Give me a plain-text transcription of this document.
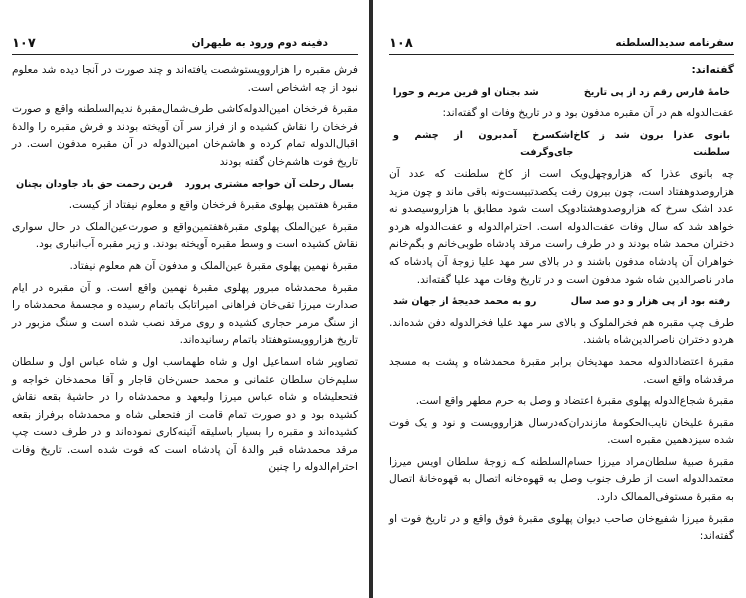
۱۰۷	دفینه دوم ورود به طیهران

فرش مقبره را هزاروویستوشصت یافته‌اند و چند صورت در آنجا دیده شد معلوم نبود از چه اشخاص است.

مقبرهٔ فرخخان امین‌الدوله‌کاشی طرف‌شمال‌مقبرهٔ ندیم‌السلطنه واقع و صورت فرخخان را نقاش کشیده و از فراز سر آن آویخته بودند و فرش مقبره را والدهٔ اقبال‌الدوله تمام کرده و هاشم‌خان امین‌الدوله در آن مقبره مدفون است. در تاریخ فوت هاشم‌خان گفته بودند

بسال رحلت آن خواجه مشتری پرورد
قرین رحمت حق باد جاودان بچنان

مقبرهٔ هفتمین پهلوی مقبرهٔ فرخخان واقع و معلوم نیفتاد از کیست.

مقبرهٔ عین‌الملک پهلوی مقبرهٔ‌هفتمین‌واقع و صورت‌عین‌الملک در حال سواری نقاش کشیده است و وسط مقبره آویخته بودند. و زیر مقبره آب‌انباری بود.

مقبرهٔ نهمین پهلوی مقبرهٔ عین‌الملک و مدفون آن هم معلوم نیفتاد.

مقبرهٔ محمدشاه مبرور پهلوی مقبرهٔ نهمین واقع است. و آن مقبره در ایام صدارت میرزا تقی‌خان فراهانی امیراتابک باتمام رسیده و مجسمهٔ محمدشاه را از سنگ مرمر حجاری کشیده و روی مرقد نصب شده است و سنگ مزبور در تاریخ هزاروویستوهفتاد باتمام رسانیده‌اند.

تصاویر شاه اسماعیل اول و شاه طهماسب اول و شاه عباس اول و سلطان سلیم‌خان سلطان عثمانی و محمد حسن‌خان قاجار و آقا محمدخان خواجه و فتحعلیشاه و شاه عباس میرزا ولیعهد و محمدشاه را در حاشیهٔ بقعه نقاش کشیده بود و دو صورت تمام قامت از فتحعلی شاه و محمدشاه برفراز بقعه کشیده‌اند و مقبره را بسیار باسلیقه آئینه‌کاری نموده‌اند و در طرف دست چپ مرقد محمدشاه قبر والدهٔ آن پادشاه است که فوت شده است. تاریخ وفات احترام‌الدوله را چنین

۱۰۸	سفرنامه سدیدالسلطنه

گفته‌اند:

خامهٔ فارس رقم زد از پی تاریخ
شد بجنان او قرین مریم و حورا

عفت‌الدوله هم در آن مقبره مدفون بود و در تاریخ وفات او گفته‌اند:

بانوی عذرا برون شد ز کاخ سلطنت
اشکسرخ آمدبرون از چشم و جای‌وگرفت

چه بانوی عذرا که هزاروچهل‌ویک است از کاخ سلطنت که عدد آن هزاروصدوهفتاد است، چون بیرون رفت یکصدتبیست‌و‌نه باقی ماند و چون مزید عدد اشک سرخ که هزاروصدوهشتادوپک است شود مطابق با هزاروسیصدو نه خواهد شد که سال وفات عفت‌الدوله است. احترام‌الدوله و عفت‌الدوله هردو دختران محمد شاه بودند و در طرف راست مرقد پادشاه طوبی‌خانم و بگم‌خانم خواهران آن پادشاه مدفون باشند و در بالای سر مهد علیا زوجهٔ آن پادشاه که مادر ناصرالدین شاه شود مدفون است و در تاریخ وفات مهد علیا گفته‌اند.

رفته بود از پی هزار و دو صد سال
رو به محمد خدیجهٔ از جهان شد

طرف چپ مقبره هم فخرالملوک و بالای سر مهد علیا فخرالدوله دفن شده‌اند. هردو دختران ناصرالدین‌شاه باشند.

مقبرهٔ اعتضادالدوله محمد مهدیخان برابر مقبرهٔ محمدشاه و پشت به مسجد مرقدشاه واقع است.

مقبرهٔ شجاع‌الدوله پهلوی مقبرهٔ اعتضاد و وصل به حرم مطهر واقع است.

مقبرهٔ علیخان نایب‌الحکومهٔ مازندران‌که‌در‌سال هزاروویست و نود و یک فوت شده سیزدهمین مقبره است.

مقبرهٔ صبیهٔ سلطان‌مراد میرزا حسام‌السلطنه کـه زوجهٔ سلطان اویس میرزا معتمدالدوله است از طرف جنوب وصل به قهوه‌خانه اتصال به قهوه‌خانهٔ اتصال به مقبرهٔ مستوفی‌الممالک دارد.

مقبرهٔ میرزا شفیع‌خان صاحب دیوان پهلوی مقبرهٔ فوق واقع و در تاریخ فوت او گفته‌اند:
